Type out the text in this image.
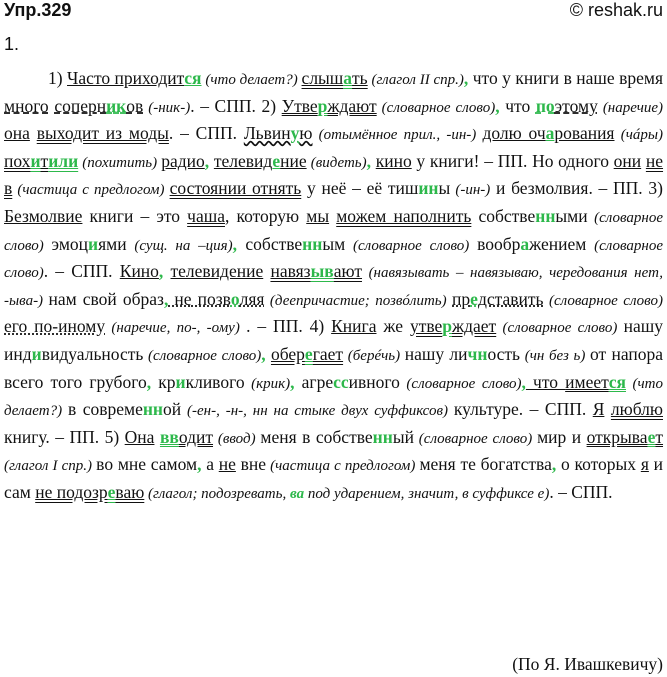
Упр.329	© reshak.ru
1.
1) Часто приходится (что делает?) слышать (глагол II спр.), что у книги в наше время много соперников (-ник-). – СПП. 2) Утверждают (словарное слово), что поэтому (наречие) она выходит из моды. – СПП. Львиную (отымённое прил., -ин-) долю очарования (чáры) похитили (похитить) радио, телевидение (видеть), кино у книги! – ПП. Но одного они не в (частица с предлогом) состоянии отнять у неё – её тишины (-ин-) и безмолвия. – ПП. 3) Безмолвие книги – это чаша, которую мы можем наполнить собственными (словарное слово) эмоциями (сущ. на –ция), собственным (словарное слово) воображением (словарное слово). – СПП. Кино, телевидение навязывают (навязывать – навязываю, чередования нет, -ыва-) нам свой образ, не позволяя (деепричастие; позвóлить) представить (словарное слово) его по-иному (наречие, по-, -ому) . – ПП. 4) Книга же утверждает (словарное слово) нашу индивидуальность (словарное слово), оберегает (берéчь) нашу личность (чн без ь) от напора всего того грубого, крикливого (крик), агрессивного (словарное слово), что имеется (что делает?) в современной (-ен-, -н-, нн на стыке двух суффиксов) культуре. – СПП. Я люблю книгу. – ПП. 5) Она вводит (ввод) меня в собственный (словарное слово) мир и открывает (глагол I спр.) во мне самом, а не вне (частица с предлогом) меня те богатства, о которых я и сам не подозреваю (глагол; подозревать, ва под ударением, значит, в суффиксе е). – СПП.
(По Я. Ивашкевичу)
